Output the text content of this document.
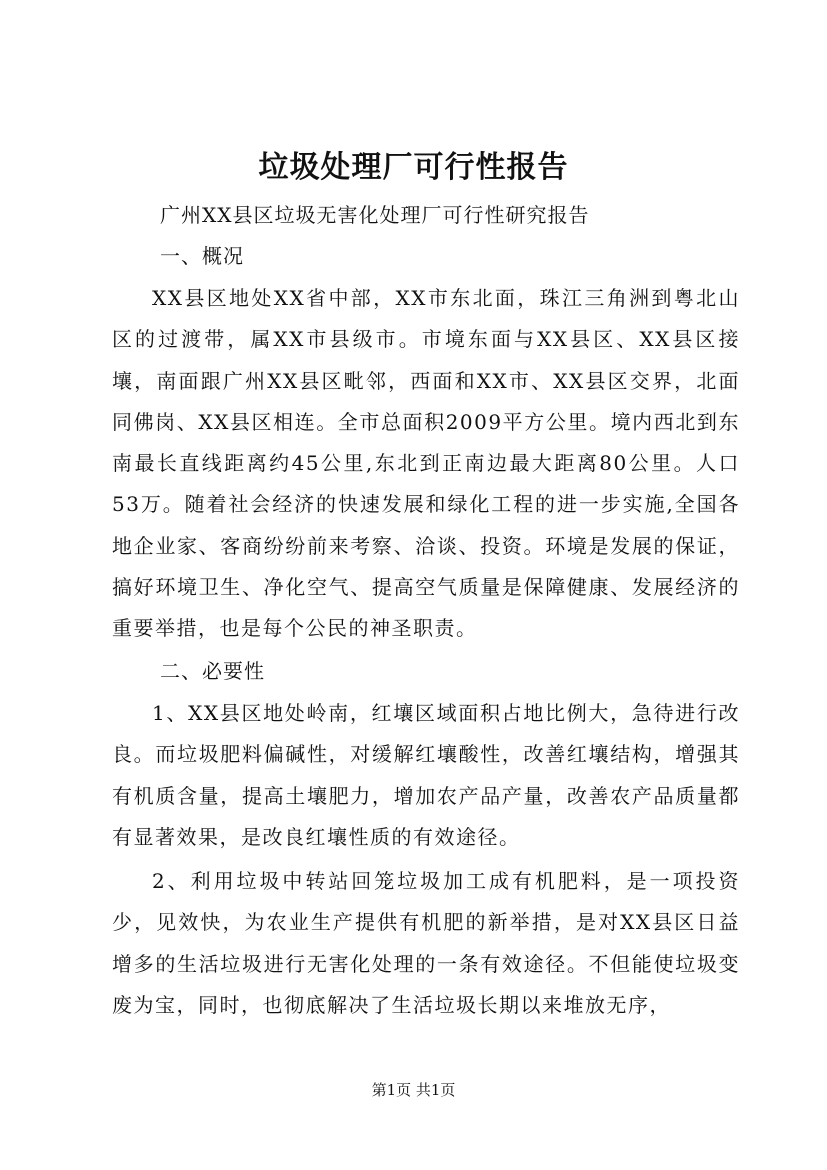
垃圾处理厂可行性报告

广州XX县区垃圾无害化处理厂可行性研究报告

一、概况

XX县区地处XX省中部，XX市东北面，珠江三角洲到粤北山区的过渡带，属XX市县级市。市境东面与XX县区、XX县区接壤，南面跟广州XX县区毗邻，西面和XX市、XX县区交界，北面同佛岗、XX县区相连。全市总面积2009平方公里。境内西北到东南最长直线距离约45公里,东北到正南边最大距离80公里。人口53万。随着社会经济的快速发展和绿化工程的进一步实施,全国各地企业家、客商纷纷前来考察、洽谈、投资。环境是发展的保证，搞好环境卫生、净化空气、提高空气质量是保障健康、发展经济的重要举措，也是每个公民的神圣职责。

二、必要性

1、XX县区地处岭南，红壤区域面积占地比例大，急待进行改良。而垃圾肥料偏碱性，对缓解红壤酸性，改善红壤结构，增强其有机质含量，提高土壤肥力，增加农产品产量，改善农产品质量都有显著效果，是改良红壤性质的有效途径。

2、利用垃圾中转站回笼垃圾加工成有机肥料，是一项投资少，见效快，为农业生产提供有机肥的新举措，是对XX县区日益增多的生活垃圾进行无害化处理的一条有效途径。不但能使垃圾变废为宝，同时，也彻底解决了生活垃圾长期以来堆放无序，

第1页 共1页
